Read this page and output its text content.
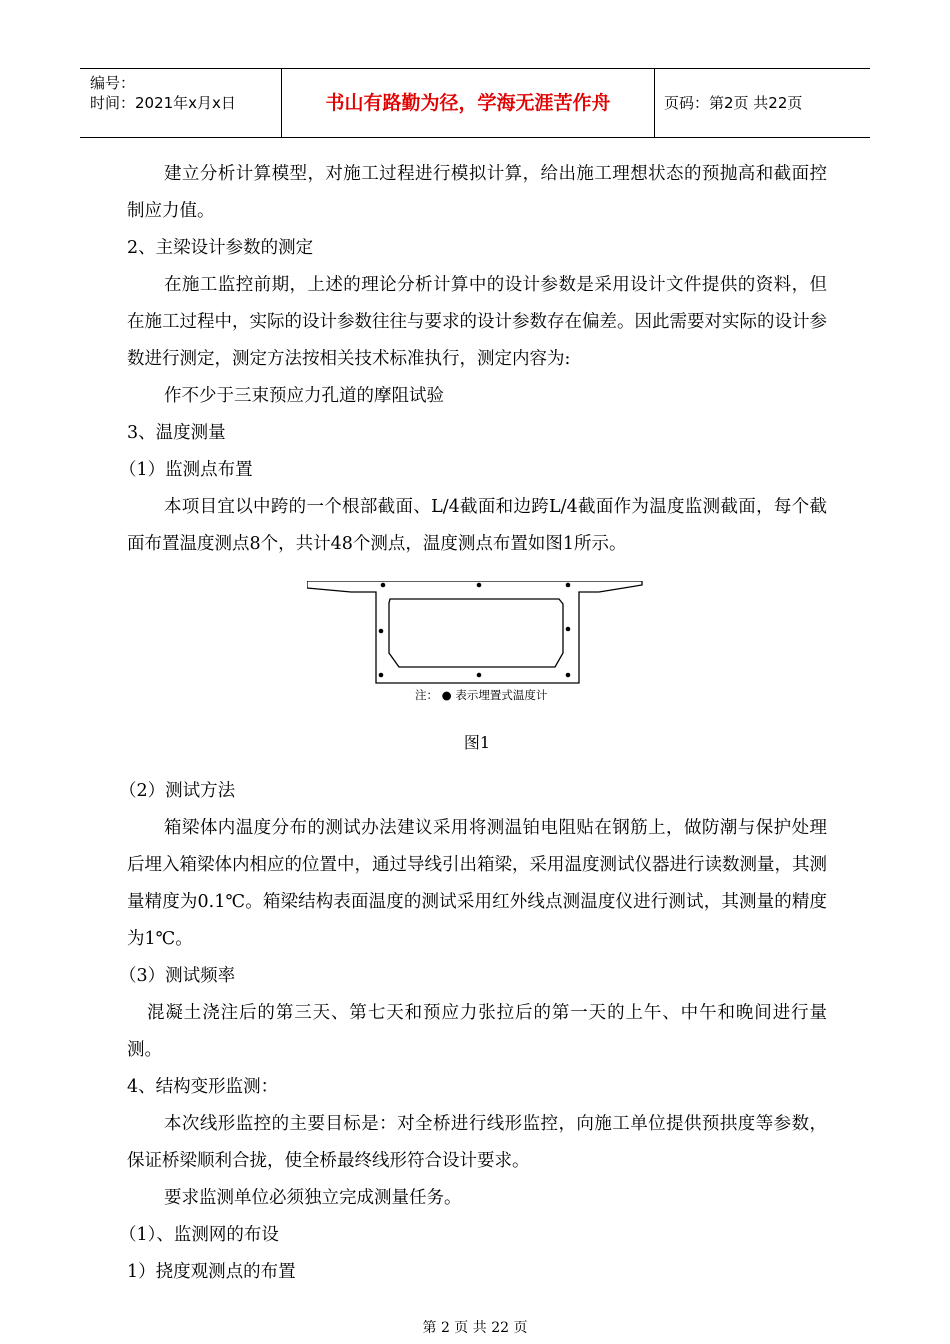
编号：
时间：2021年x月x日	书山有路勤为径，学海无涯苦作舟	页码：第2页 共22页
建立分析计算模型，对施工过程进行模拟计算，给出施工理想状态的预抛高和截面控制应力值。
2、主梁设计参数的测定
在施工监控前期，上述的理论分析计算中的设计参数是采用设计文件提供的资料，但在施工过程中，实际的设计参数往往与要求的设计参数存在偏差。因此需要对实际的设计参数进行测定，测定方法按相关技术标准执行，测定内容为:
作不少于三束预应力孔道的摩阻试验
3、温度测量
（1）监测点布置
本项目宜以中跨的一个根部截面、L/4截面和边跨L/4截面作为温度监测截面，每个截面布置温度测点8个，共计48个测点，温度测点布置如图1所示。
注： ● 表示埋置式温度计
图1
（2）测试方法
箱梁体内温度分布的测试办法建议采用将测温铂电阻贴在钢筋上，做防潮与保护处理后埋入箱梁体内相应的位置中，通过导线引出箱梁，采用温度测试仪器进行读数测量，其测量精度为0.1℃。箱梁结构表面温度的测试采用红外线点测温度仪进行测试，其测量的精度为1℃。
（3）测试频率
混凝土浇注后的第三天、第七天和预应力张拉后的第一天的上午、中午和晚间进行量测。
4、结构变形监测：
本次线形监控的主要目标是：对全桥进行线形监控，向施工单位提供预拱度等参数，保证桥梁顺利合拢，使全桥最终线形符合设计要求。
要求监测单位必须独立完成测量任务。
（1）、监测网的布设
1）挠度观测点的布置
第 2 页 共 22 页
